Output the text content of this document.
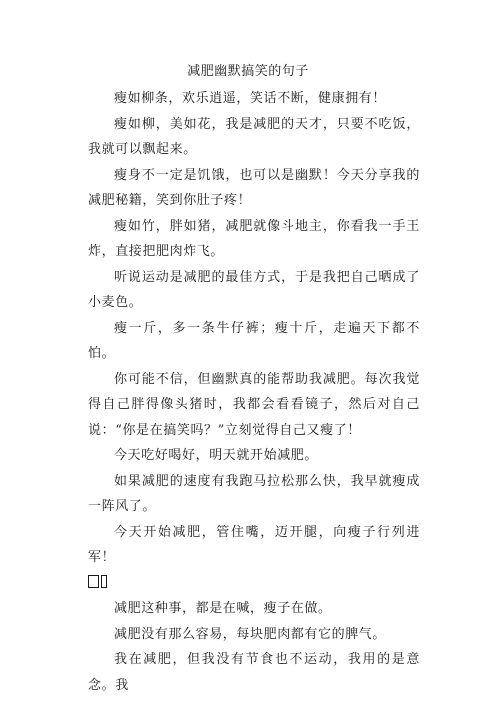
减肥幽默搞笑的句子

瘦如柳条，欢乐逍遥，笑话不断，健康拥有！

瘦如柳，美如花，我是减肥的天才，只要不吃饭，我就可以飘起来。

瘦身不一定是饥饿，也可以是幽默！今天分享我的减肥秘籍，笑到你肚子疼！

瘦如竹，胖如猪，减肥就像斗地主，你看我一手王炸，直接把肥肉炸飞。

听说运动是减肥的最佳方式，于是我把自己晒成了小麦色。

瘦一斤，多一条牛仔裤；瘦十斤，走遍天下都不怕。

你可能不信，但幽默真的能帮助我减肥。每次我觉得自己胖得像头猪时，我都会看看镜子，然后对自己说：“你是在搞笑吗？”立刻觉得自己又瘦了！

今天吃好喝好，明天就开始减肥。

如果减肥的速度有我跑马拉松那么快，我早就瘦成一阵风了。

今天开始减肥，管住嘴，迈开腿，向瘦子行列进军！

减肥这种事，都是在喊，瘦子在做。

减肥没有那么容易，每块肥肉都有它的脾气。

我在减肥，但我没有节食也不运动，我用的是意念。我
